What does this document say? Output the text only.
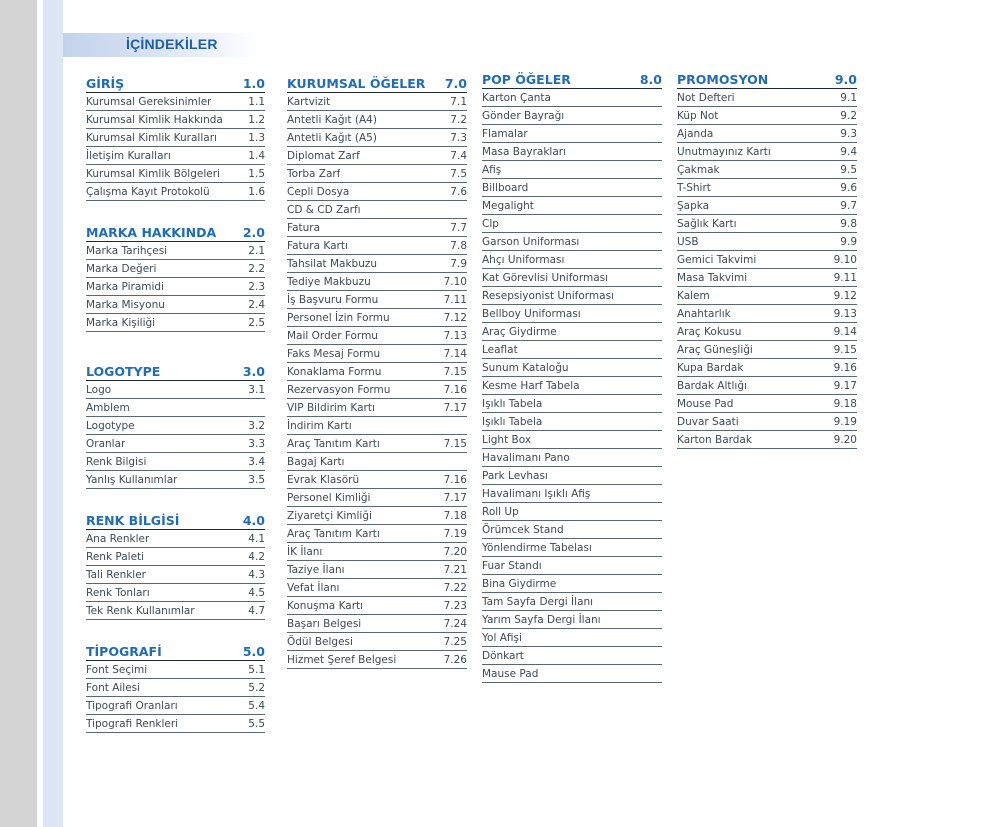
İÇİNDEKİLER
GİRİŞ	1.0
Kurumsal Gereksinimler	1.1
Kurumsal Kimlik Hakkında 1.2
Kurumsal Kimlik Kuralları	1.3
İletişim Kuralları	1.4
Kurumsal Kimlik Bölgeleri	1.5
Çalışma Kayıt Protokolü	1.6
MARKA HAKKINDA 2.0
Marka Tarihçesi	2.1
Marka Değeri	2.2
Marka Piramidi	2.3
Marka Misyonu	2.4
Marka Kişiliği	2.5
LOGOTYPE	3.0
Logo	3.1
Amblem
Logotype	3.2
Oranlar	3.3
Renk Bilgisi	3.4
Yanlış Kullanımlar	3.5
RENK BİLGİSİ	4.0
Ana Renkler	4.1
Renk Paleti	4.2
Tali Renkler	4.3
Renk Tonları	4.5
Tek Renk Kullanımlar	4.7
TİPOGRAFİ	5.0
Font Seçimi	5.1
Font Ailesi	5.2
Tipografi Oranları	5.4
Tipografi Renkleri	5.5
KURUMSAL ÖĞELER 7.0
Kartvizit	7.1
Antetli Kağıt (A4)	7.2
Antetli Kağıt (A5)	7.3
Diplomat Zarf	7.4
Torba Zarf	7.5
Cepli Dosya	7.6
CD & CD Zarfı
Fatura	7.7
Fatura Kartı	7.8
Tahsilat Makbuzu	7.9
Tediye Makbuzu	7.10
İş Başvuru Formu	7.11
Personel İzin Formu	7.12
Mail Order Formu	7.13
Faks Mesaj Formu	7.14
Konaklama Formu	7.15
Rezervasyon Formu	7.16
VIP Bildirim Kartı	7.17
İndirim Kartı
Araç Tanıtım Kartı	7.15
Bagaj Kartı
Evrak Klasörü	7.16
Personel Kimliği	7.17
Ziyaretçi Kimliği	7.18
Araç Tanıtım Kartı	7.19
İK İlanı	7.20
Taziye İlanı	7.21
Vefat İlanı	7.22
Konuşma Kartı	7.23
Başarı Belgesi	7.24
Ödül Belgesi	7.25
Hizmet Şeref Belgesi	7.26
POP ÖĞELER	8.0
Karton Çanta
Gönder Bayrağı
Flamalar
Masa Bayrakları
Afiş
Billboard
Megalight
Clp
Garson Uniforması
Ahçı Uniforması
Kat Görevlisi Uniforması
Resepsiyonist Uniforması
Bellboy Uniforması
Araç Giydirme
Leaflat
Sunum Kataloğu
Kesme Harf Tabela
Işıklı Tabela
Işıklı Tabela
Light Box
Havalimanı Pano
Park Levhası
Havalimanı Işıklı Afiş
Roll Up
Örümcek Stand
Yönlendirme Tabelası
Fuar Standı
Bina Giydirme
Tam Sayfa Dergi İlanı
Yarım Sayfa Dergi İlanı
Yol Afişi
Dönkart
Mause Pad
PROMOSYON	9.0
Not Defteri	9.1
Küp Not	9.2
Ajanda	9.3
Unutmayınız Kartı	9.4
Çakmak	9.5
T-Shirt	9.6
Şapka	9.7
Sağlık Kartı	9.8
USB	9.9
Gemici Takvimi	9.10
Masa Takvimi	9.11
Kalem	9.12
Anahtarlık	9.13
Araç Kokusu	9.14
Araç Güneşliği	9.15
Kupa Bardak	9.16
Bardak Altlığı	9.17
Mouse Pad	9.18
Duvar Saati	9.19
Karton Bardak	9.20
